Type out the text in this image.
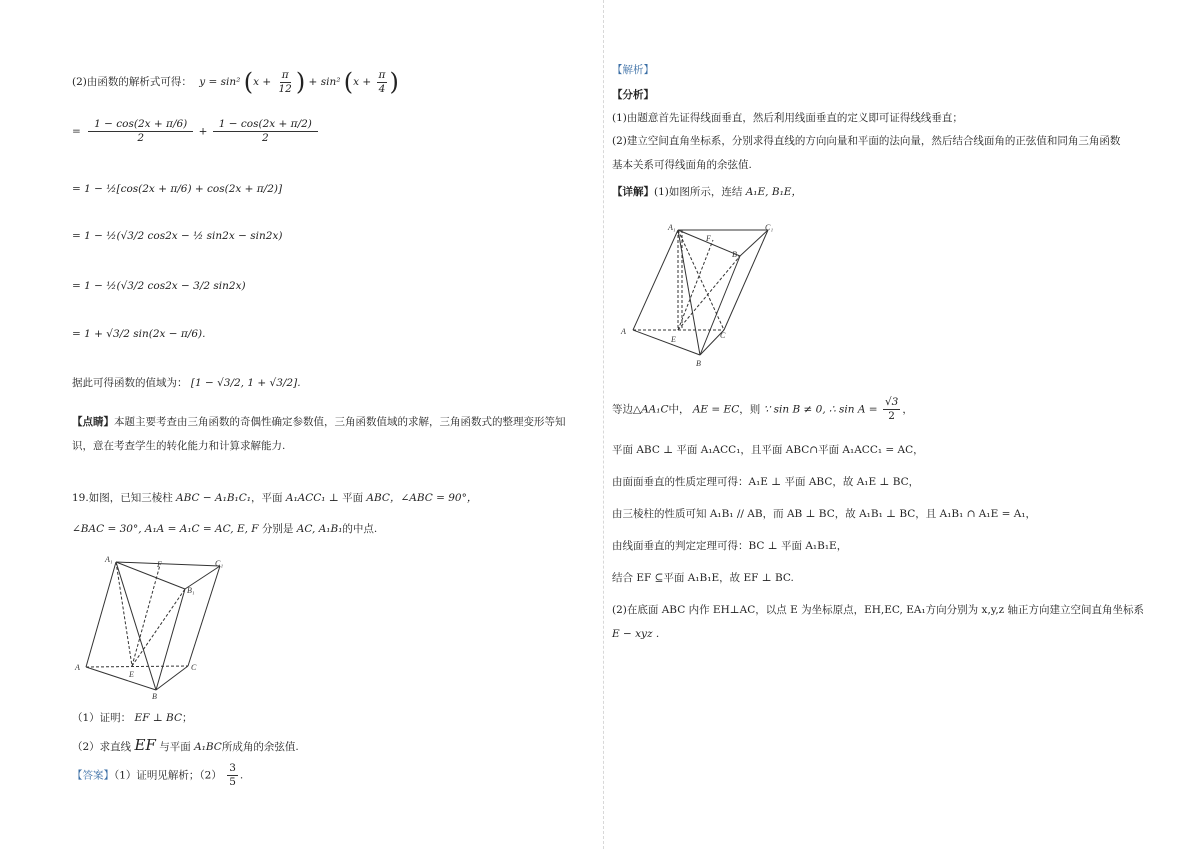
(2)由函数的解析式可得： y = sin² ($x + \frac{\pi}{12}$ ) + sin² ($x + \frac{\pi}{4}$ )
= $\frac{1 - \cos(2x + \pi/6)}{2} + \frac{1 - \cos(2x + \pi/2)}{2}$
= 1 − ½[cos(2x + π/6) + cos(2x + π/2)]
= 1 − ½(√3/2 cos2x − ½ sin2x − sin2x)
= 1 − ½(√3/2 cos2x − 3/2 sin2x)
= 1 + √3/2 sin(2x − π/6).
据此可得函数的值域为： [1 − √3/2, 1 + √3/2].
【点睛】本题主要考查由三角函数的奇偶性确定参数值，三角函数值域的求解，三角函数式的整理变形等知
识，意在考查学生的转化能力和计算求解能力.
19.如图，已知三棱柱 ABC − A₁B₁C₁，平面 A₁ACC₁ ⊥ 平面 ABC，∠ABC = 90°，
∠BAC = 30°, A₁A = A₁C = AC, E, F 分别是 AC, A₁B₁的中点.
A₁	C₁
B₁
F
A	C
E
B
（1）证明： EF ⊥ BC；
（2）求直线 EF 与平面 A₁BC所成角的余弦值.
【答案】（1）证明见解析；$(2) \frac{3}{5}$ .
【解析】
【分析】
(1)由题意首先证得线面垂直，然后利用线面垂直的定义即可证得线线垂直；
(2)建立空间直角坐标系，分别求得直线的方向向量和平面的法向量，然后结合线面角的正弦值和同角三角函数
基本关系可得线面角的余弦值.
【详解】(1)如图所示，连结 A₁E, B₁E，
A₁	C₁
B₁
F
A	C
E
B
等边△AA₁C中， AE = EC，则 ∵ sin B ≠ 0, ∴ $\sin A = \frac{√3}{2}$ ，
平面 ABC ⊥ 平面 A₁ACC₁，且平面 ABC∩平面 A₁ACC₁ = AC，
由面面垂直的性质定理可得：A₁E ⊥ 平面 ABC，故 A₁E ⊥ BC，
由三棱柱的性质可知 A₁B₁ // AB，而 AB ⊥ BC，故 A₁B₁ ⊥ BC，且 A₁B₁ ∩ A₁E = A₁，
由线面垂直的判定定理可得：BC ⊥ 平面 A₁B₁E，
结合 EF ⊆平面 A₁B₁E，故 EF ⊥ BC.
(2)在底面 ABC 内作 EH⊥AC，以点 E 为坐标原点，EH,EC, EA₁方向分别为 x,y,z 轴正方向建立空间直角坐标系
E − xyz .
